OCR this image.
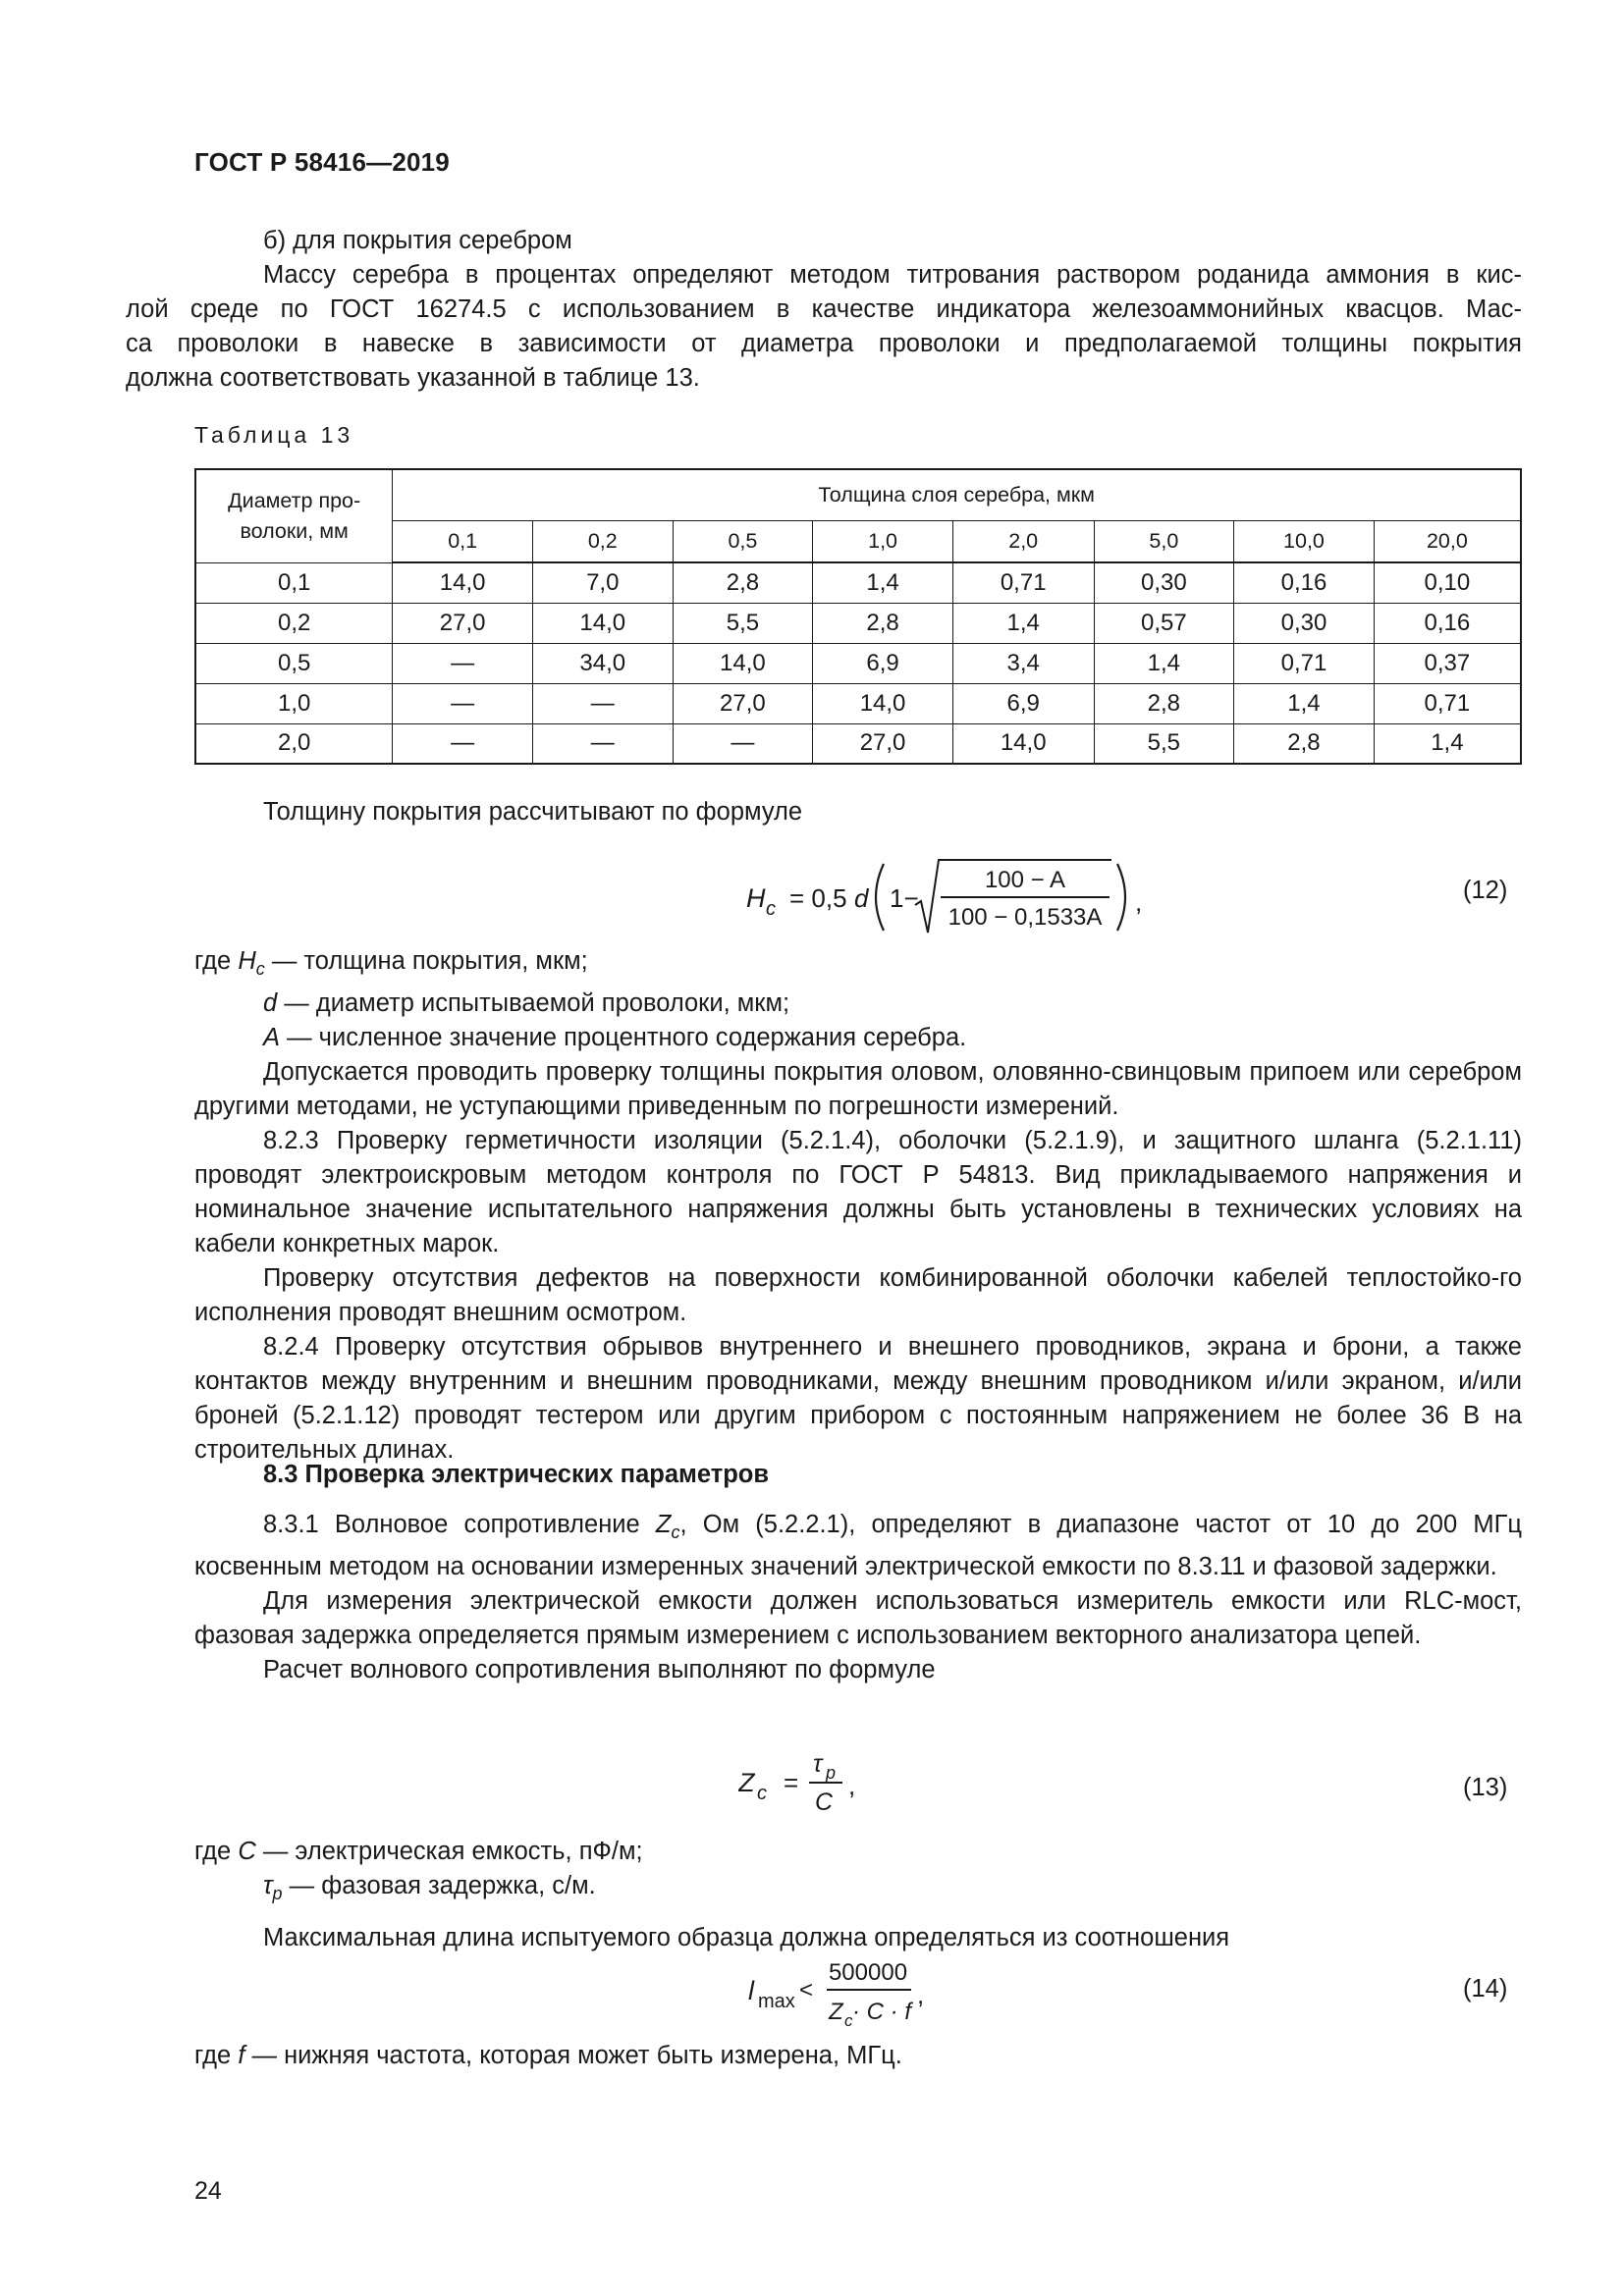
ГОСТ Р 58416—2019

б) для покрытия серебром

Массу серебра в процентах определяют методом титрования раствором роданида аммония в кис-
лой среде по ГОСТ 16274.5 с использованием в качестве индикатора железоаммонийных квасцов. Мас-
са проволоки в навеске в зависимости от диаметра проволоки и предполагаемой толщины покрытия
должна соответствовать указанной в таблице 13.
Таблица 13
Диаметр про-волоки, мм	Толщина слоя серебра, мкм							
	0,1	0,2	0,5	1,0	2,0	5,0	10,0	20,0
0,1	14,0	7,0	2,8	1,4	0,71	0,30	0,16	0,10
0,2	27,0	14,0	5,5	2,8	1,4	0,57	0,30	0,16
0,5	—	34,0	14,0	6,9	3,4	1,4	0,71	0,37
1,0	—	—	27,0	14,0	6,9	2,8	1,4	0,71
2,0	—	—	—	27,0	14,0	5,5	2,8	1,4

Толщину покрытия рассчитывают по формуле

H c = 0,5 d 1−
100 − A
100 − 0,1533A
,	(12)
где $H_c$ — толщина покрытия, мкм;
d — диаметр испытываемой проволоки, мкм;
A — численное значение процентного содержания серебра.

Допускается проводить проверку толщины покрытия оловом, оловянно-свинцовым припоем или серебром другими методами, не уступающими приведенным по погрешности измерений.

8.2.3 Проверку герметичности изоляции (5.2.1.4), оболочки (5.2.1.9), и защитного шланга (5.2.1.11) проводят электроискровым методом контроля по ГОСТ Р 54813. Вид прикладываемого напряжения и номинальное значение испытательного напряжения должны быть установлены в технических условиях на кабели конкретных марок.

Проверку отсутствия дефектов на поверхности комбинированной оболочки кабелей теплостойко-го исполнения проводят внешним осмотром.

8.2.4 Проверку отсутствия обрывов внутреннего и внешнего проводников, экрана и брони, а также контактов между внутренним и внешним проводниками, между внешним проводником и/или экраном, и/или броней (5.2.1.12) проводят тестером или другим прибором с постоянным напряжением не более 36 В на строительных длинах.

8.3 Проверка электрических параметров

8.3.1 Волновое сопротивление $Z_c$, Ом (5.2.2.1), определяют в диапазоне частот от 10 до 200 МГц косвенным методом на основании измеренных значений электрической емкости по 8.3.11 и фазовой задержки.

Для измерения электрической емкости должен использоваться измеритель емкости или RLC-мост, фазовая задержка определяется прямым измерением с использованием векторного анализатора цепей.

Расчет волнового сопротивления выполняют по формуле

Z c =
τ p
C
,	(13)
где C — электрическая емкость, пФ/м;
$\tau_p$ — фазовая задержка, с/м.

Максимальная длина испытуемого образца должна определяться из соотношения

l max <
500000
Z c · C · f
,	(14)
где f — нижняя частота, которая может быть измерена, МГц.
24
